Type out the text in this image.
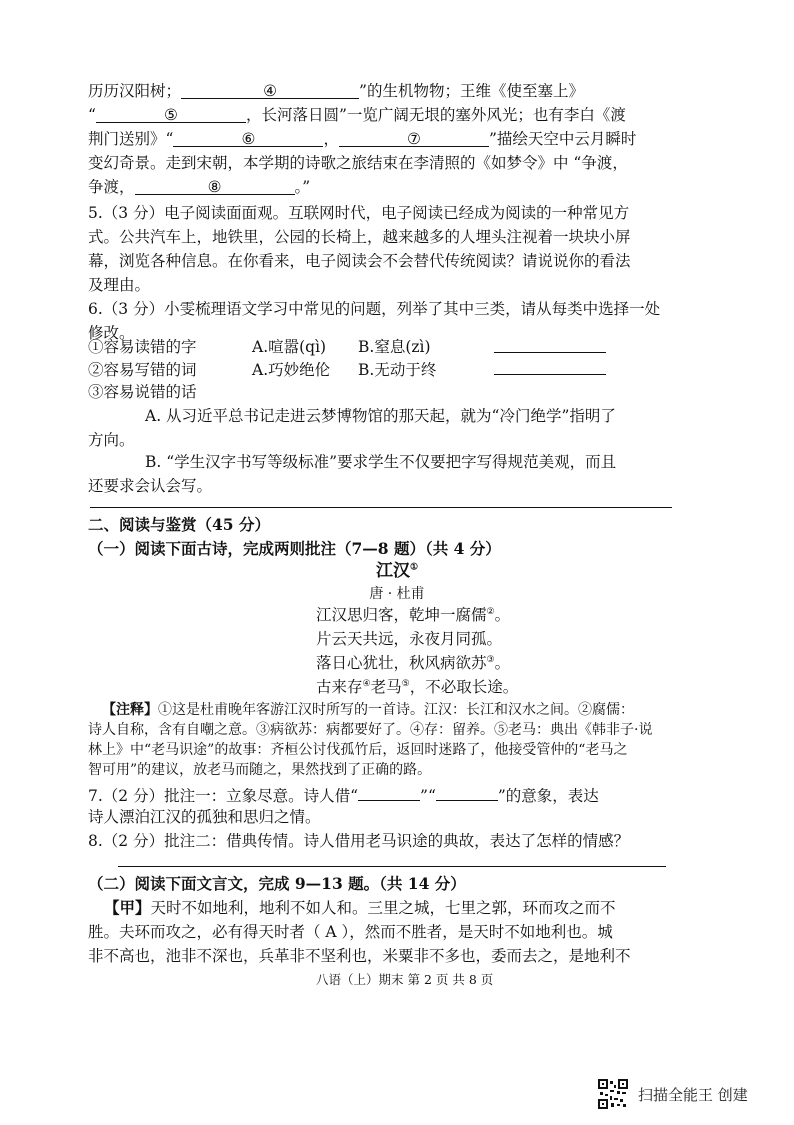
历历汉阳树；	④	”的生机物物；王维《使至塞上》
“	⑤	，长河落日圆”一览广阔无垠的塞外风光；也有李白《渡
荆门送别》“	⑥	，	⑦	”描绘天空中云月瞬时
变幻奇景。走到宋朝，本学期的诗歌之旅结束在李清照的《如梦令》中 “争渡，
争渡，	⑧	。”
5.（3 分）电子阅读面面观。互联网时代，电子阅读已经成为阅读的一种常见方
式。公共汽车上，地铁里，公园的长椅上，越来越多的人埋头注视着一块块小屏
幕，浏览各种信息。在你看来，电子阅读会不会替代传统阅读？请说说你的看法
及理由。
6.（3 分）小雯梳理语文学习中常见的问题，列举了其中三类，请从每类中选择一处
修改。
①容易读错的字	A.喧嚣(qì) B.窒息(zì)
②容易写错的词	A.巧妙绝伦 B.无动于终
③容易说错的话
A. 从习近平总书记走进云梦博物馆的那天起，就为“冷门绝学”指明了
方向。
B. “学生汉字书写等级标准”要求学生不仅要把字写得规范美观，而且
还要求会认会写。
二、阅读与鉴赏（45 分）
（一）阅读下面古诗，完成两则批注（7—8 题）（共 4 分）
江汉①
唐 · 杜甫
江汉思归客，乾坤一腐儒②。
片云天共远，永夜月同孤。
落日心犹壮，秋风病欲苏③。
古来存④老马⑤，不必取长途。
【注释】①这是杜甫晚年客游江汉时所写的一首诗。江汉：长江和汉水之间。②腐儒：
诗人自称，含有自嘲之意。③病欲苏：病都要好了。④存：留养。⑤老马：典出《韩非子·说
林上》中“老马识途”的故事：齐桓公讨伐孤竹后，返回时迷路了，他接受管仲的“老马之
智可用”的建议，放老马而随之，果然找到了正确的路。
7.（2 分）批注一：立象尽意。诗人借“	”“	”的意象，表达
诗人漂泊江汉的孤独和思归之情。
8.（2 分）批注二：借典传情。诗人借用老马识途的典故，表达了怎样的情感？
（二）阅读下面文言文，完成 9—13 题。（共 14 分）
【甲】天时不如地利，地利不如人和。三里之城，七里之郭，环而攻之而不
胜。夫环而攻之，必有得天时者（ A ），然而不胜者，是天时不如地利也。城
非不高也，池非不深也，兵革非不坚利也，米粟非不多也，委而去之，是地利不
八语（上）期末 第 2 页 共 8 页
扫描全能王 创建
